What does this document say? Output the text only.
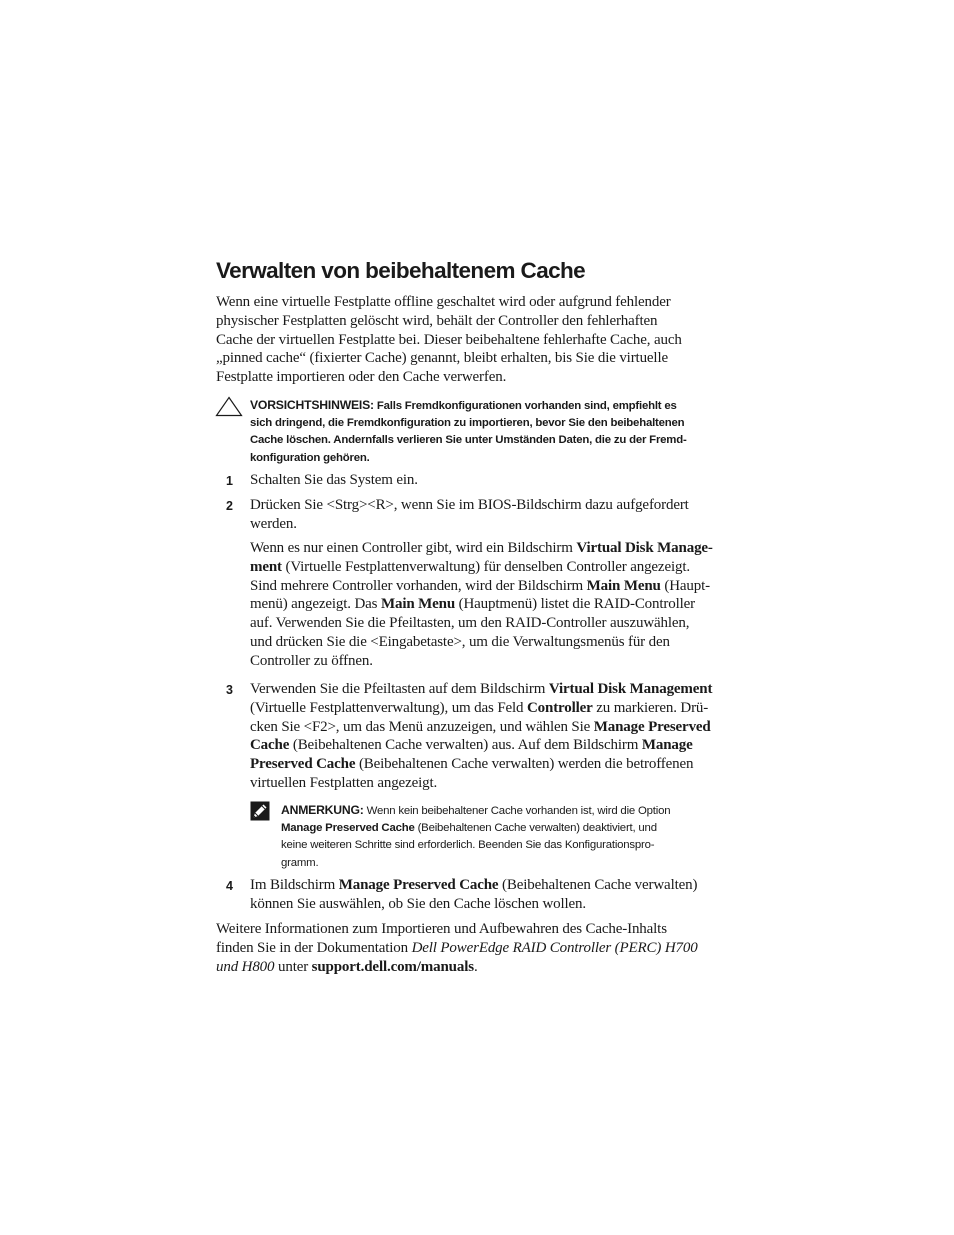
Verwalten von beibehaltenem Cache

Wenn eine virtuelle Festplatte offline geschaltet wird oder aufgrund fehlender
physischer Festplatten gelöscht wird, behält der Controller den fehlerhaften
Cache der virtuellen Festplatte bei. Dieser beibehaltene fehlerhafte Cache, auch
„pinned cache“ (fixierter Cache) genannt, bleibt erhalten, bis Sie die virtuelle
Festplatte importieren oder den Cache verwerfen.

VORSICHTSHINWEIS: Falls Fremdkonfigurationen vorhanden sind, empfiehlt es
sich dringend, die Fremdkonfiguration zu importieren, bevor Sie den beibehaltenen
Cache löschen. Andernfalls verlieren Sie unter Umständen Daten, die zu der Fremd-
konfiguration gehören.
1 Schalten Sie das System ein.

2 Drücken Sie <Strg><R>, wenn Sie im BIOS-Bildschirm dazu aufgefordert
werden.

Wenn es nur einen Controller gibt, wird ein Bildschirm Virtual Disk Manage-
ment (Virtuelle Festplattenverwaltung) für denselben Controller angezeigt.
Sind mehrere Controller vorhanden, wird der Bildschirm Main Menu (Haupt-
menü) angezeigt. Das Main Menu (Hauptmenü) listet die RAID-Controller
auf. Verwenden Sie die Pfeiltasten, um den RAID-Controller auszuwählen,
und drücken Sie die <Eingabetaste>, um die Verwaltungsmenüs für den
Controller zu öffnen.

3 Verwenden Sie die Pfeiltasten auf dem Bildschirm Virtual Disk Management
(Virtuelle Festplattenverwaltung), um das Feld Controller zu markieren. Drü-
cken Sie <F2>, um das Menü anzuzeigen, und wählen Sie Manage Preserved
Cache (Beibehaltenen Cache verwalten) aus. Auf dem Bildschirm Manage
Preserved Cache (Beibehaltenen Cache verwalten) werden die betroffenen
virtuellen Festplatten angezeigt.

ANMERKUNG: Wenn kein beibehaltener Cache vorhanden ist, wird die Option
Manage Preserved Cache (Beibehaltenen Cache verwalten) deaktiviert, und
keine weiteren Schritte sind erforderlich. Beenden Sie das Konfigurationspro-
gramm.
4 Im Bildschirm Manage Preserved Cache (Beibehaltenen Cache verwalten)
können Sie auswählen, ob Sie den Cache löschen wollen.

Weitere Informationen zum Importieren und Aufbewahren des Cache-Inhalts
finden Sie in der Dokumentation Dell PowerEdge RAID Controller (PERC) H700
und H800 unter support.dell.com/manuals.
